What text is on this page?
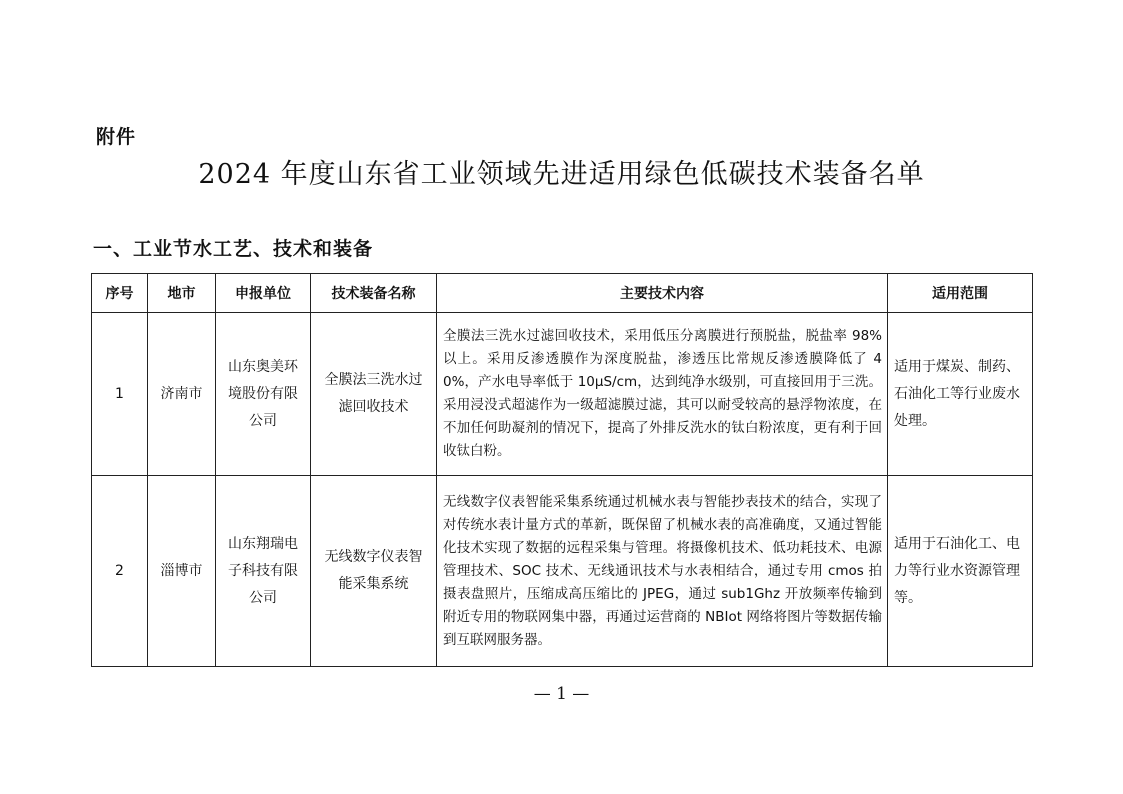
附件
2024 年度山东省工业领域先进适用绿色低碳技术装备名单
一、工业节水工艺、技术和装备
序号	地市	申报单位	技术装备名称	主要技术内容	适用范围
1	济南市	山东奥美环境股份有限公司	全膜法三洗水过滤回收技术	全膜法三洗水过滤回收技术，采用低压分离膜进行预脱盐，脱盐率 98%以上。采用反渗透膜作为深度脱盐，渗透压比常规反渗透膜降低了 40%，产水电导率低于 10μS/cm，达到纯净水级别，可直接回用于三洗。采用浸没式超滤作为一级超滤膜过滤，其可以耐受较高的悬浮物浓度，在不加任何助凝剂的情况下，提高了外排反洗水的钛白粉浓度，更有利于回收钛白粉。	适用于煤炭、制药、石油化工等行业废水处理。
2	淄博市	山东翔瑞电子科技有限公司	无线数字仪表智能采集系统	无线数字仪表智能采集系统通过机械水表与智能抄表技术的结合，实现了对传统水表计量方式的革新，既保留了机械水表的高准确度，又通过智能化技术实现了数据的远程采集与管理。将摄像机技术、低功耗技术、电源管理技术、SOC 技术、无线通讯技术与水表相结合，通过专用 cmos 拍摄表盘照片，压缩成高压缩比的 JPEG，通过 sub1Ghz 开放频率传输到附近专用的物联网集中器，再通过运营商的 NBIot 网络将图片等数据传输到互联网服务器。	适用于石油化工、电力等行业水资源管理等。
— 1 —
